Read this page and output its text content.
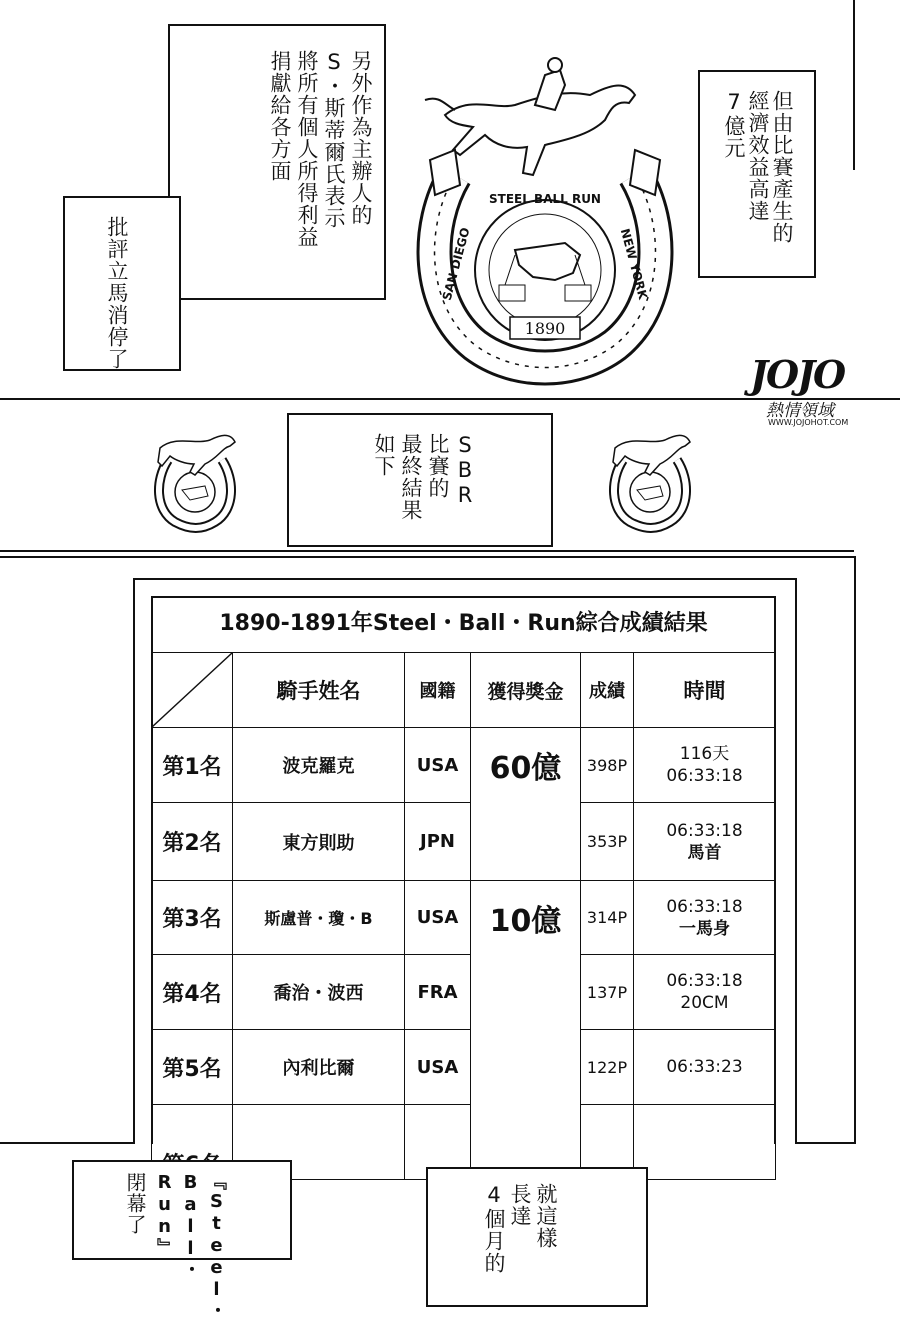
另外作為主辦人的
S・斯蒂爾氏表示
將所有個人所得利益
捐獻給各方面
批評立馬消停了
但由比賽產生的
經濟效益高達
7億元
1890
SAN DIEGO
STEEL BALL RUN
NEW YORK
JOJO
熱情領域
WWW.JOJOHOT.COM
SBR
比賽的
最終結果
如下
1890-1891年Steel・Ball・Run綜合成績結果
	騎手姓名	國籍	獲得獎金	成績	時間
第1名	波克羅克	USA	60億	398P	116天
06:33:18

第2名	東方則助	JPN		353P	06:33:18
馬首

第3名	斯盧普・瓊・B	USA	10億	314P	06:33:18
一馬身

第4名	喬治・波西	FRA		137P	06:33:18
20CM

第5名	內利比爾	USA		122P	06:33:23

『Steel・
Ball・
Run』
閉幕了	就這樣
長達
4個月的
